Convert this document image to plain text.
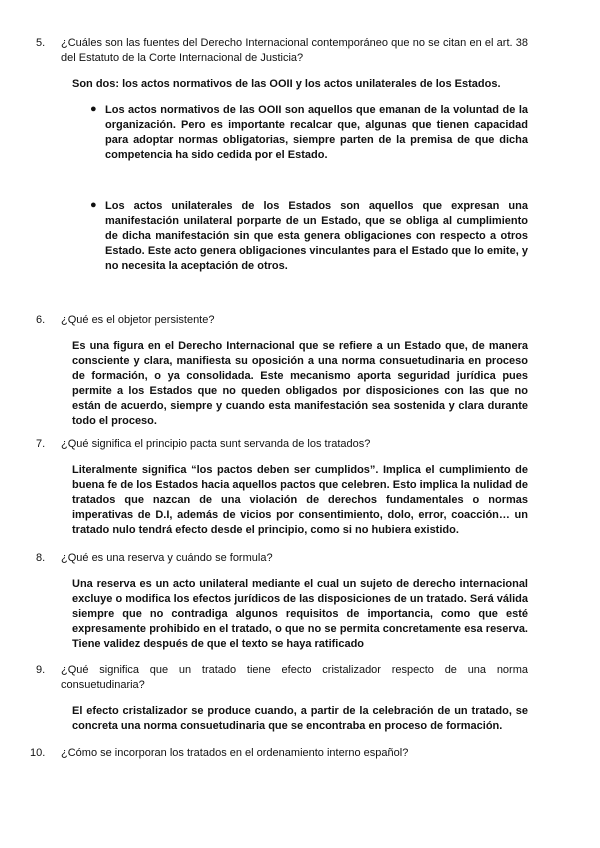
5.	¿Cuáles son las fuentes del Derecho Internacional contemporáneo que no se citan en el art. 38 del Estatuto de la Corte Internacional de Justicia?
Son dos: los actos normativos de las OOII y los actos unilaterales de los Estados.
● Los actos normativos de las OOII son aquellos que emanan de la voluntad de la organización. Pero es importante recalcar que, algunas que tienen capacidad para adoptar normas obligatorias, siempre parten de la premisa de que dicha competencia ha sido cedida por el Estado.
● Los actos unilaterales de los Estados son aquellos que expresan una manifestación unilateral porparte de un Estado, que se obliga al cumplimiento de dicha manifestación sin que esta genera obligaciones con respecto a otros Estado. Este acto genera obligaciones vinculantes para el Estado que lo emite, y no necesita la aceptación de otros.
6.	¿Qué es el objetor persistente?
Es una figura en el Derecho Internacional que se refiere a un Estado que, de manera consciente y clara, manifiesta su oposición a una norma consuetudinaria en proceso de formación, o ya consolidada. Este mecanismo aporta seguridad jurídica pues permite a los Estados que no queden obligados por disposiciones con las que no están de acuerdo, siempre y cuando esta manifestación sea sostenida y clara durante todo el proceso.
7.	¿Qué significa el principio pacta sunt servanda de los tratados?
Literalmente significa “los pactos deben ser cumplidos”. Implica el cumplimiento de buena fe de los Estados hacia aquellos pactos que celebren. Esto implica la nulidad de tratados que nazcan de una violación de derechos fundamentales o normas imperativas de D.I, además de vicios por consentimiento, dolo, error, coacción… un tratado nulo tendrá efecto desde el principio, como si no hubiera existido.
8.	¿Qué es una reserva y cuándo se formula?
Una reserva es un acto unilateral mediante el cual un sujeto de derecho internacional excluye o modifica los efectos jurídicos de las disposiciones de un tratado. Será válida siempre que no contradiga algunos requisitos de importancia, como que esté expresamente prohibido en el tratado, o que no se permita concretamente esa reserva. Tiene validez después de que el texto se haya ratificado
9.	¿Qué significa que un tratado tiene efecto cristalizador respecto de una norma consuetudinaria?
El efecto cristalizador se produce cuando, a partir de la celebración de un tratado, se concreta una norma consuetudinaria que se encontraba en proceso de formación.
10.	¿Cómo se incorporan los tratados en el ordenamiento interno español?
